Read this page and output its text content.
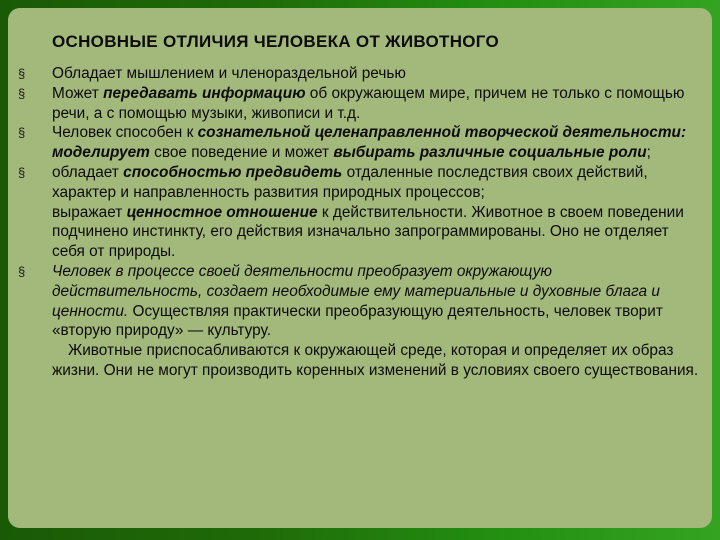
ОСНОВНЫЕ ОТЛИЧИЯ ЧЕЛОВЕКА ОТ ЖИВОТНОГО
§ Обладает мышлением и членораздельной речью
§ Может передавать информацию об окружающем мире, причем не только с помощью речи, а с помощью музыки, живописи и т.д.
§ Человек способен к сознательной целенаправленной творческой деятельности: моделирует свое поведение и может выбирать различные социальные роли;
§ обладает способностью предвидеть отдаленные последствия своих действий, характер и направленность развития природных процессов;
выражает ценностное отношение к действительности. Животное в своем поведении подчинено инстинкту, его действия изначально запрограммированы. Оно не отделяет себя от природы.
§ Человек в процессе своей деятельности преобразует окружающую действительность, создает необходимые ему материальные и духовные блага и ценности. Осуществляя практически преобразующую деятельность, человек творит «вторую природу» — культуру.
Животные приспосабливаются к окружающей среде, которая и определяет их образ жизни. Они не могут производить коренных изменений в условиях своего существования.
